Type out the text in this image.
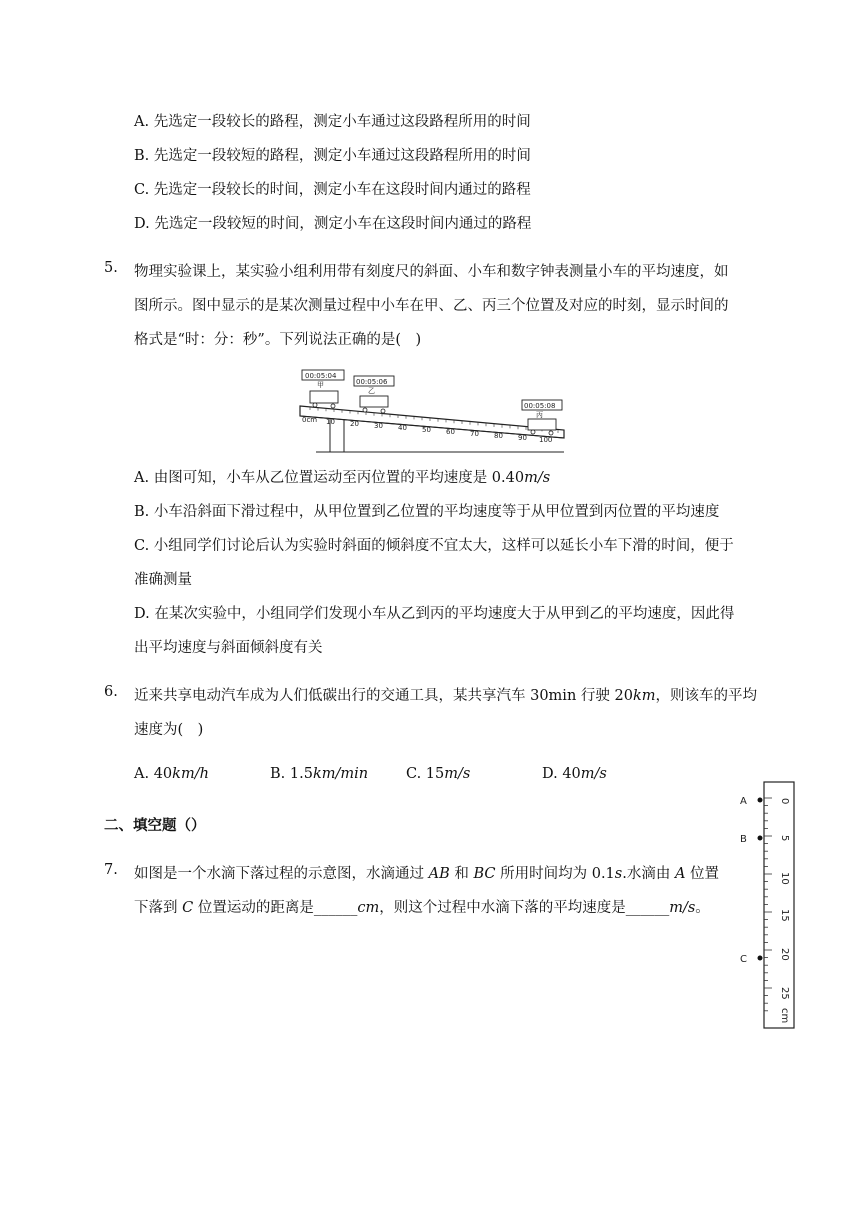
A. 先选定一段较长的路程，测定小车通过这段路程所用的时间
B. 先选定一段较短的路程，测定小车通过这段路程所用的时间
C. 先选定一段较长的时间，测定小车在这段时间内通过的路程
D. 先选定一段较短的时间，测定小车在这段时间内通过的路程
5. 物理实验课上，某实验小组利用带有刻度尺的斜面、小车和数字钟表测量小车的平均速度，如
图所示。图中显示的是某次测量过程中小车在甲、乙、丙三个位置及对应的时刻，显示时间的
格式是“时：分：秒”。下列说法正确的是(　)
0cm 10 20 30 40 50 60 70 80 90 100
00:05:04
甲	00:05:06
乙
00:05:08
丙
A. 由图可知，小车从乙位置运动至丙位置的平均速度是 0.40m/s
B. 小车沿斜面下滑过程中，从甲位置到乙位置的平均速度等于从甲位置到丙位置的平均速度
C. 小组同学们讨论后认为实验时斜面的倾斜度不宜太大，这样可以延长小车下滑的时间，便于
准确测量
D. 在某次实验中，小组同学们发现小车从乙到丙的平均速度大于从甲到乙的平均速度，因此得
出平均速度与斜面倾斜度有关
6. 近来共享电动汽车成为人们低碳出行的交通工具，某共享汽车 30min 行驶 20km，则该车的平均
速度为(　)
A. 40km/h	B. 1.5km/min	C. 15m/s	D. 40m/s
二、填空题（）
7. 如图是一个水滴下落过程的示意图，水滴通过 AB 和 BC 所用时间均为 0.1s.水滴由 A 位置
下落到 C 位置运动的距离是______cm，则这个过程中水滴下落的平均速度是______m/s。
0
5
10
15
20
25
cm
A
B
C
